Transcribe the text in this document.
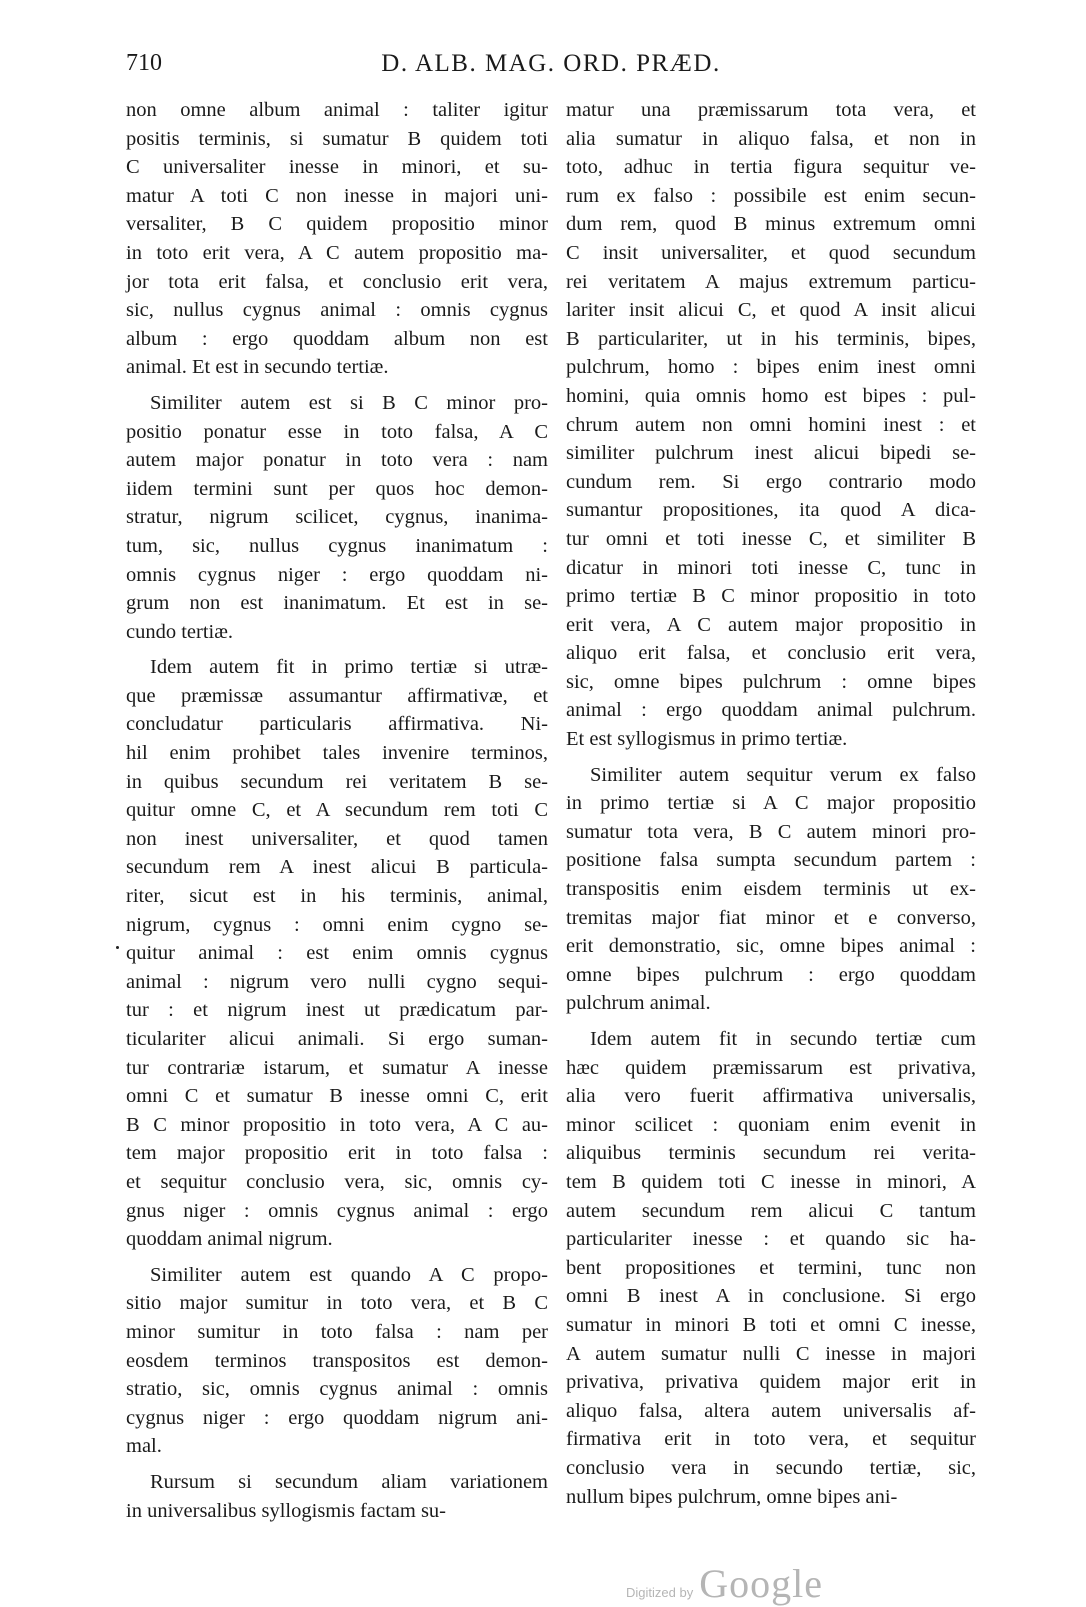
710	D. ALB. MAG. ORD. PRÆD.
non omne album animal : taliter igitur
positis terminis, si sumatur B quidem toti
C universaliter inesse in minori, et su-
matur A toti C non inesse in majori uni-
versaliter, B C quidem propositio minor
in toto erit vera, A C autem propositio ma-
jor tota erit falsa, et conclusio erit vera,
sic, nullus cygnus animal : omnis cygnus
album : ergo quoddam album non est
animal. Et est in secundo tertiæ.
Similiter autem est si B C minor pro-
positio ponatur esse in toto falsa, A C
autem major ponatur in toto vera : nam
iidem termini sunt per quos hoc demon-
stratur, nigrum scilicet, cygnus, inanima-
tum, sic, nullus cygnus inanimatum :
omnis cygnus niger : ergo quoddam ni-
grum non est inanimatum. Et est in se-
cundo tertiæ.
Idem autem fit in primo tertiæ si utræ-
que præmissæ assumantur affirmativæ, et
concludatur particularis affirmativa. Ni-
hil enim prohibet tales invenire terminos,
in quibus secundum rei veritatem B se-
quitur omne C, et A secundum rem toti C
non inest universaliter, et quod tamen
secundum rem A inest alicui B particula-
riter, sicut est in his terminis, animal,
nigrum, cygnus : omni enim cygno se-
quitur animal : est enim omnis cygnus
animal : nigrum vero nulli cygno sequi-
tur : et nigrum inest ut prædicatum par-
ticulariter alicui animali. Si ergo suman-
tur contrariæ istarum, et sumatur A inesse
omni C et sumatur B inesse omni C, erit
B C minor propositio in toto vera, A C au-
tem major propositio erit in toto falsa :
et sequitur conclusio vera, sic, omnis cy-
gnus niger : omnis cygnus animal : ergo
quoddam animal nigrum.
Similiter autem est quando A C propo-
sitio major sumitur in toto vera, et B C
minor sumitur in toto falsa : nam per
eosdem terminos transpositos est demon-
stratio, sic, omnis cygnus animal : omnis
cygnus niger : ergo quoddam nigrum ani-
mal.
Rursum si secundum aliam variationem
in universalibus syllogismis factam su-
matur una præmissarum tota vera, et
alia sumatur in aliquo falsa, et non in
toto, adhuc in tertia figura sequitur ve-
rum ex falso : possibile est enim secun-
dum rem, quod B minus extremum omni
C insit universaliter, et quod secundum
rei veritatem A majus extremum particu-
lariter insit alicui C, et quod A insit alicui
B particulariter, ut in his terminis, bipes,
pulchrum, homo : bipes enim inest omni
homini, quia omnis homo est bipes : pul-
chrum autem non omni homini inest : et
similiter pulchrum inest alicui bipedi se-
cundum rem. Si ergo contrario modo
sumantur propositiones, ita quod A dica-
tur omni et toti inesse C, et similiter B
dicatur in minori toti inesse C, tunc in
primo tertiæ B C minor propositio in toto
erit vera, A C autem major propositio in
aliquo erit falsa, et conclusio erit vera,
sic, omne bipes pulchrum : omne bipes
animal : ergo quoddam animal pulchrum.
Et est syllogismus in primo tertiæ.
Similiter autem sequitur verum ex falso
in primo tertiæ si A C major propositio
sumatur tota vera, B C autem minori pro-
positione falsa sumpta secundum partem :
transpositis enim eisdem terminis ut ex-
tremitas major fiat minor et e converso,
erit demonstratio, sic, omne bipes animal :
omne bipes pulchrum : ergo quoddam
pulchrum animal.
Idem autem fit in secundo tertiæ cum
hæc quidem præmissarum est privativa,
alia vero fuerit affirmativa universalis,
minor scilicet : quoniam enim evenit in
aliquibus terminis secundum rei verita-
tem B quidem toti C inesse in minori, A
autem secundum rem alicui C tantum
particulariter inesse : et quando sic ha-
bent propositiones et termini, tunc non
omni B inest A in conclusione. Si ergo
sumatur in minori B toti et omni C inesse,
A autem sumatur nulli C inesse in majori
privativa, privativa quidem major erit in
aliquo falsa, altera autem universalis af-
firmativa erit in toto vera, et sequitur
conclusio vera in secundo tertiæ, sic,
nullum bipes pulchrum, omne bipes ani-
Digitized by Google
